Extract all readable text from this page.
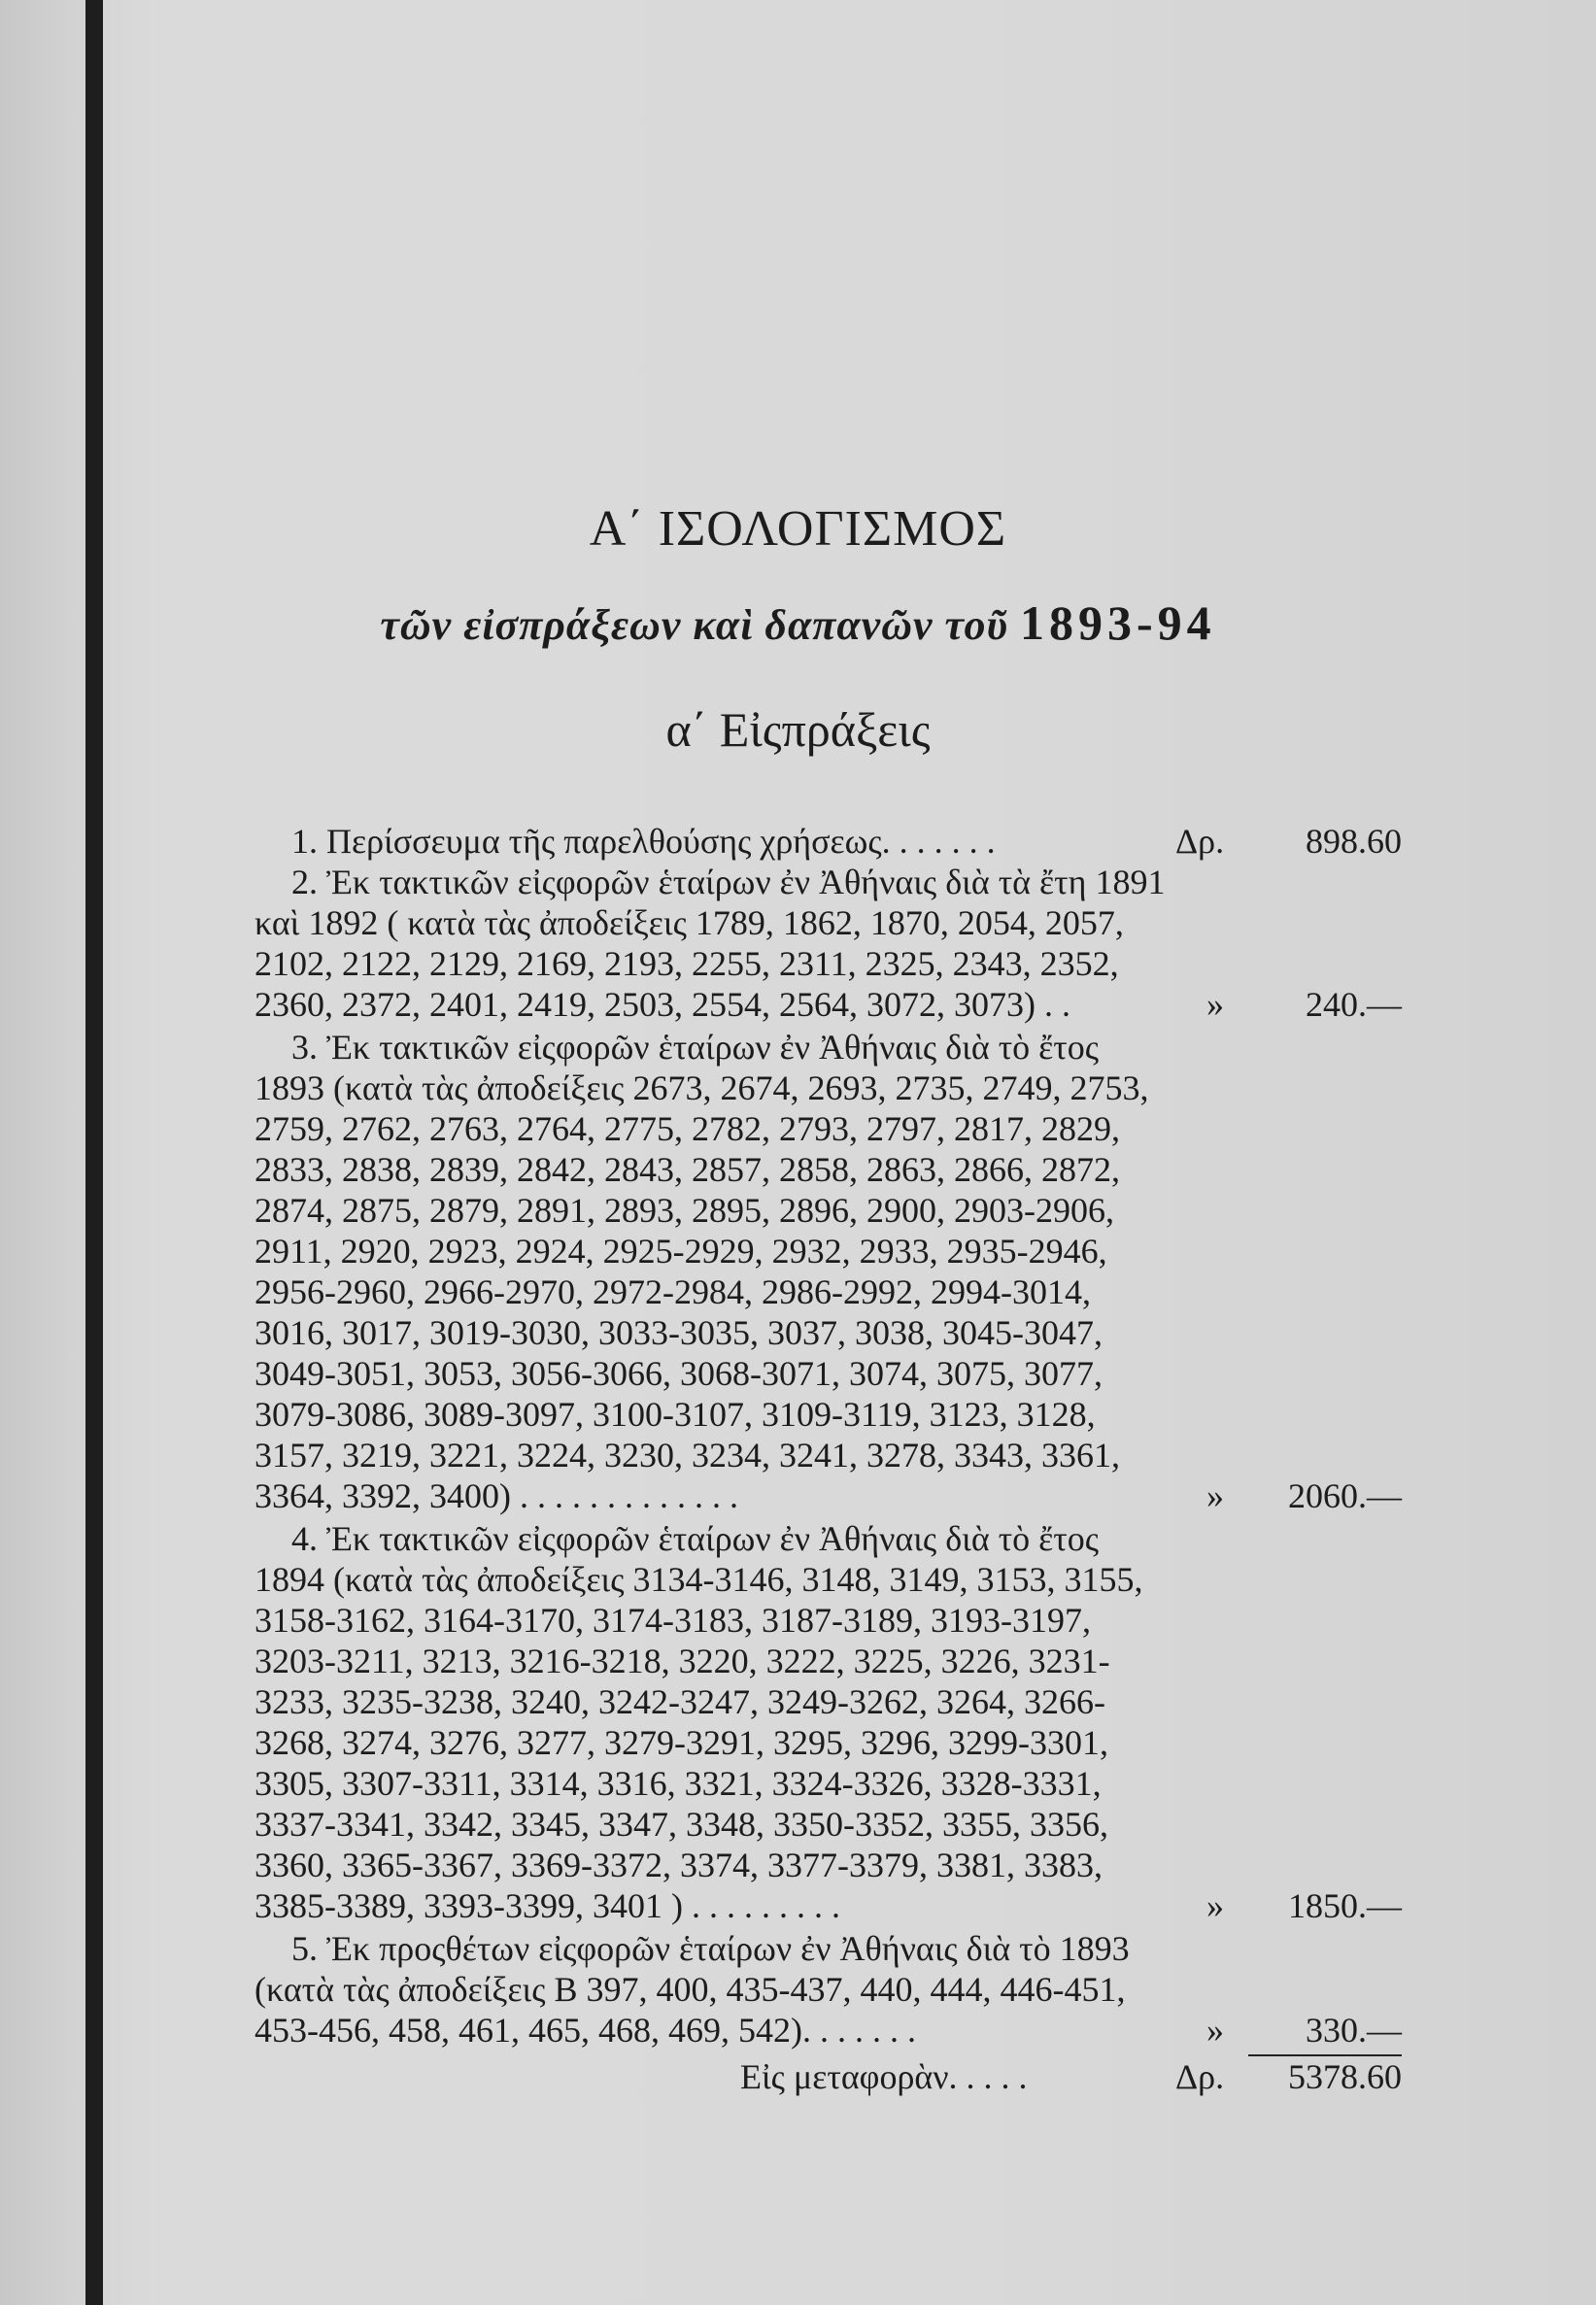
Α΄ ΙΣΟΛΟΓΙΣΜΟΣ
τῶν εἰσπράξεων καὶ δαπανῶν τοῦ 1893-94
α΄ Εἰςπράξεις
1. Περίσσευμα τῆς παρελθούσης χρήσεως. . . . . . .
2. Ἐκ τακτικῶν εἰςφορῶν ἑταίρων ἐν Ἀθήναις διὰ τὰ ἔτη 1891
καὶ 1892 ( κατὰ τὰς ἀποδείξεις 1789, 1862, 1870, 2054, 2057,
2102, 2122, 2129, 2169, 2193, 2255, 2311, 2325, 2343, 2352,
2360, 2372, 2401, 2419, 2503, 2554, 2564, 3072, 3073) . .
3. Ἐκ τακτικῶν εἰςφορῶν ἑταίρων ἐν Ἀθήναις διὰ τὸ ἔτος
1893 (κατὰ τὰς ἀποδείξεις 2673, 2674, 2693, 2735, 2749, 2753,
2759, 2762, 2763, 2764, 2775, 2782, 2793, 2797, 2817, 2829,
2833, 2838, 2839, 2842, 2843, 2857, 2858, 2863, 2866, 2872,
2874, 2875, 2879, 2891, 2893, 2895, 2896, 2900, 2903-2906,
2911, 2920, 2923, 2924, 2925-2929, 2932, 2933, 2935-2946,
2956-2960, 2966-2970, 2972-2984, 2986-2992, 2994-3014,
3016, 3017, 3019-3030, 3033-3035, 3037, 3038, 3045-3047,
3049-3051, 3053, 3056-3066, 3068-3071, 3074, 3075, 3077,
3079-3086, 3089-3097, 3100-3107, 3109-3119, 3123, 3128,
3157, 3219, 3221, 3224, 3230, 3234, 3241, 3278, 3343, 3361,
3364, 3392, 3400) . . . . . . . . . . . . .
4. Ἐκ τακτικῶν εἰςφορῶν ἑταίρων ἐν Ἀθήναις διὰ τὸ ἔτος
1894 (κατὰ τὰς ἀποδείξεις 3134-3146, 3148, 3149, 3153, 3155,
3158-3162, 3164-3170, 3174-3183, 3187-3189, 3193-3197,
3203-3211, 3213, 3216-3218, 3220, 3222, 3225, 3226, 3231-
3233, 3235-3238, 3240, 3242-3247, 3249-3262, 3264, 3266-
3268, 3274, 3276, 3277, 3279-3291, 3295, 3296, 3299-3301,
3305, 3307-3311, 3314, 3316, 3321, 3324-3326, 3328-3331,
3337-3341, 3342, 3345, 3347, 3348, 3350-3352, 3355, 3356,
3360, 3365-3367, 3369-3372, 3374, 3377-3379, 3381, 3383,
3385-3389, 3393-3399, 3401 ) . . . . . . . . .
5. Ἐκ προςθέτων εἰςφορῶν ἑταίρων ἐν Ἀθήναις διὰ τὸ 1893
(κατὰ τὰς ἀποδείξεις Β 397, 400, 435-437, 440, 444, 446-451,
453-456, 458, 461, 465, 468, 469, 542). . . . . . .
Δρ.
»
»
»
»
898.60
240.—
2060.—
1850.—
330.—
Εἰς μεταφορὰν. . . . .	Δρ.	5378.60
